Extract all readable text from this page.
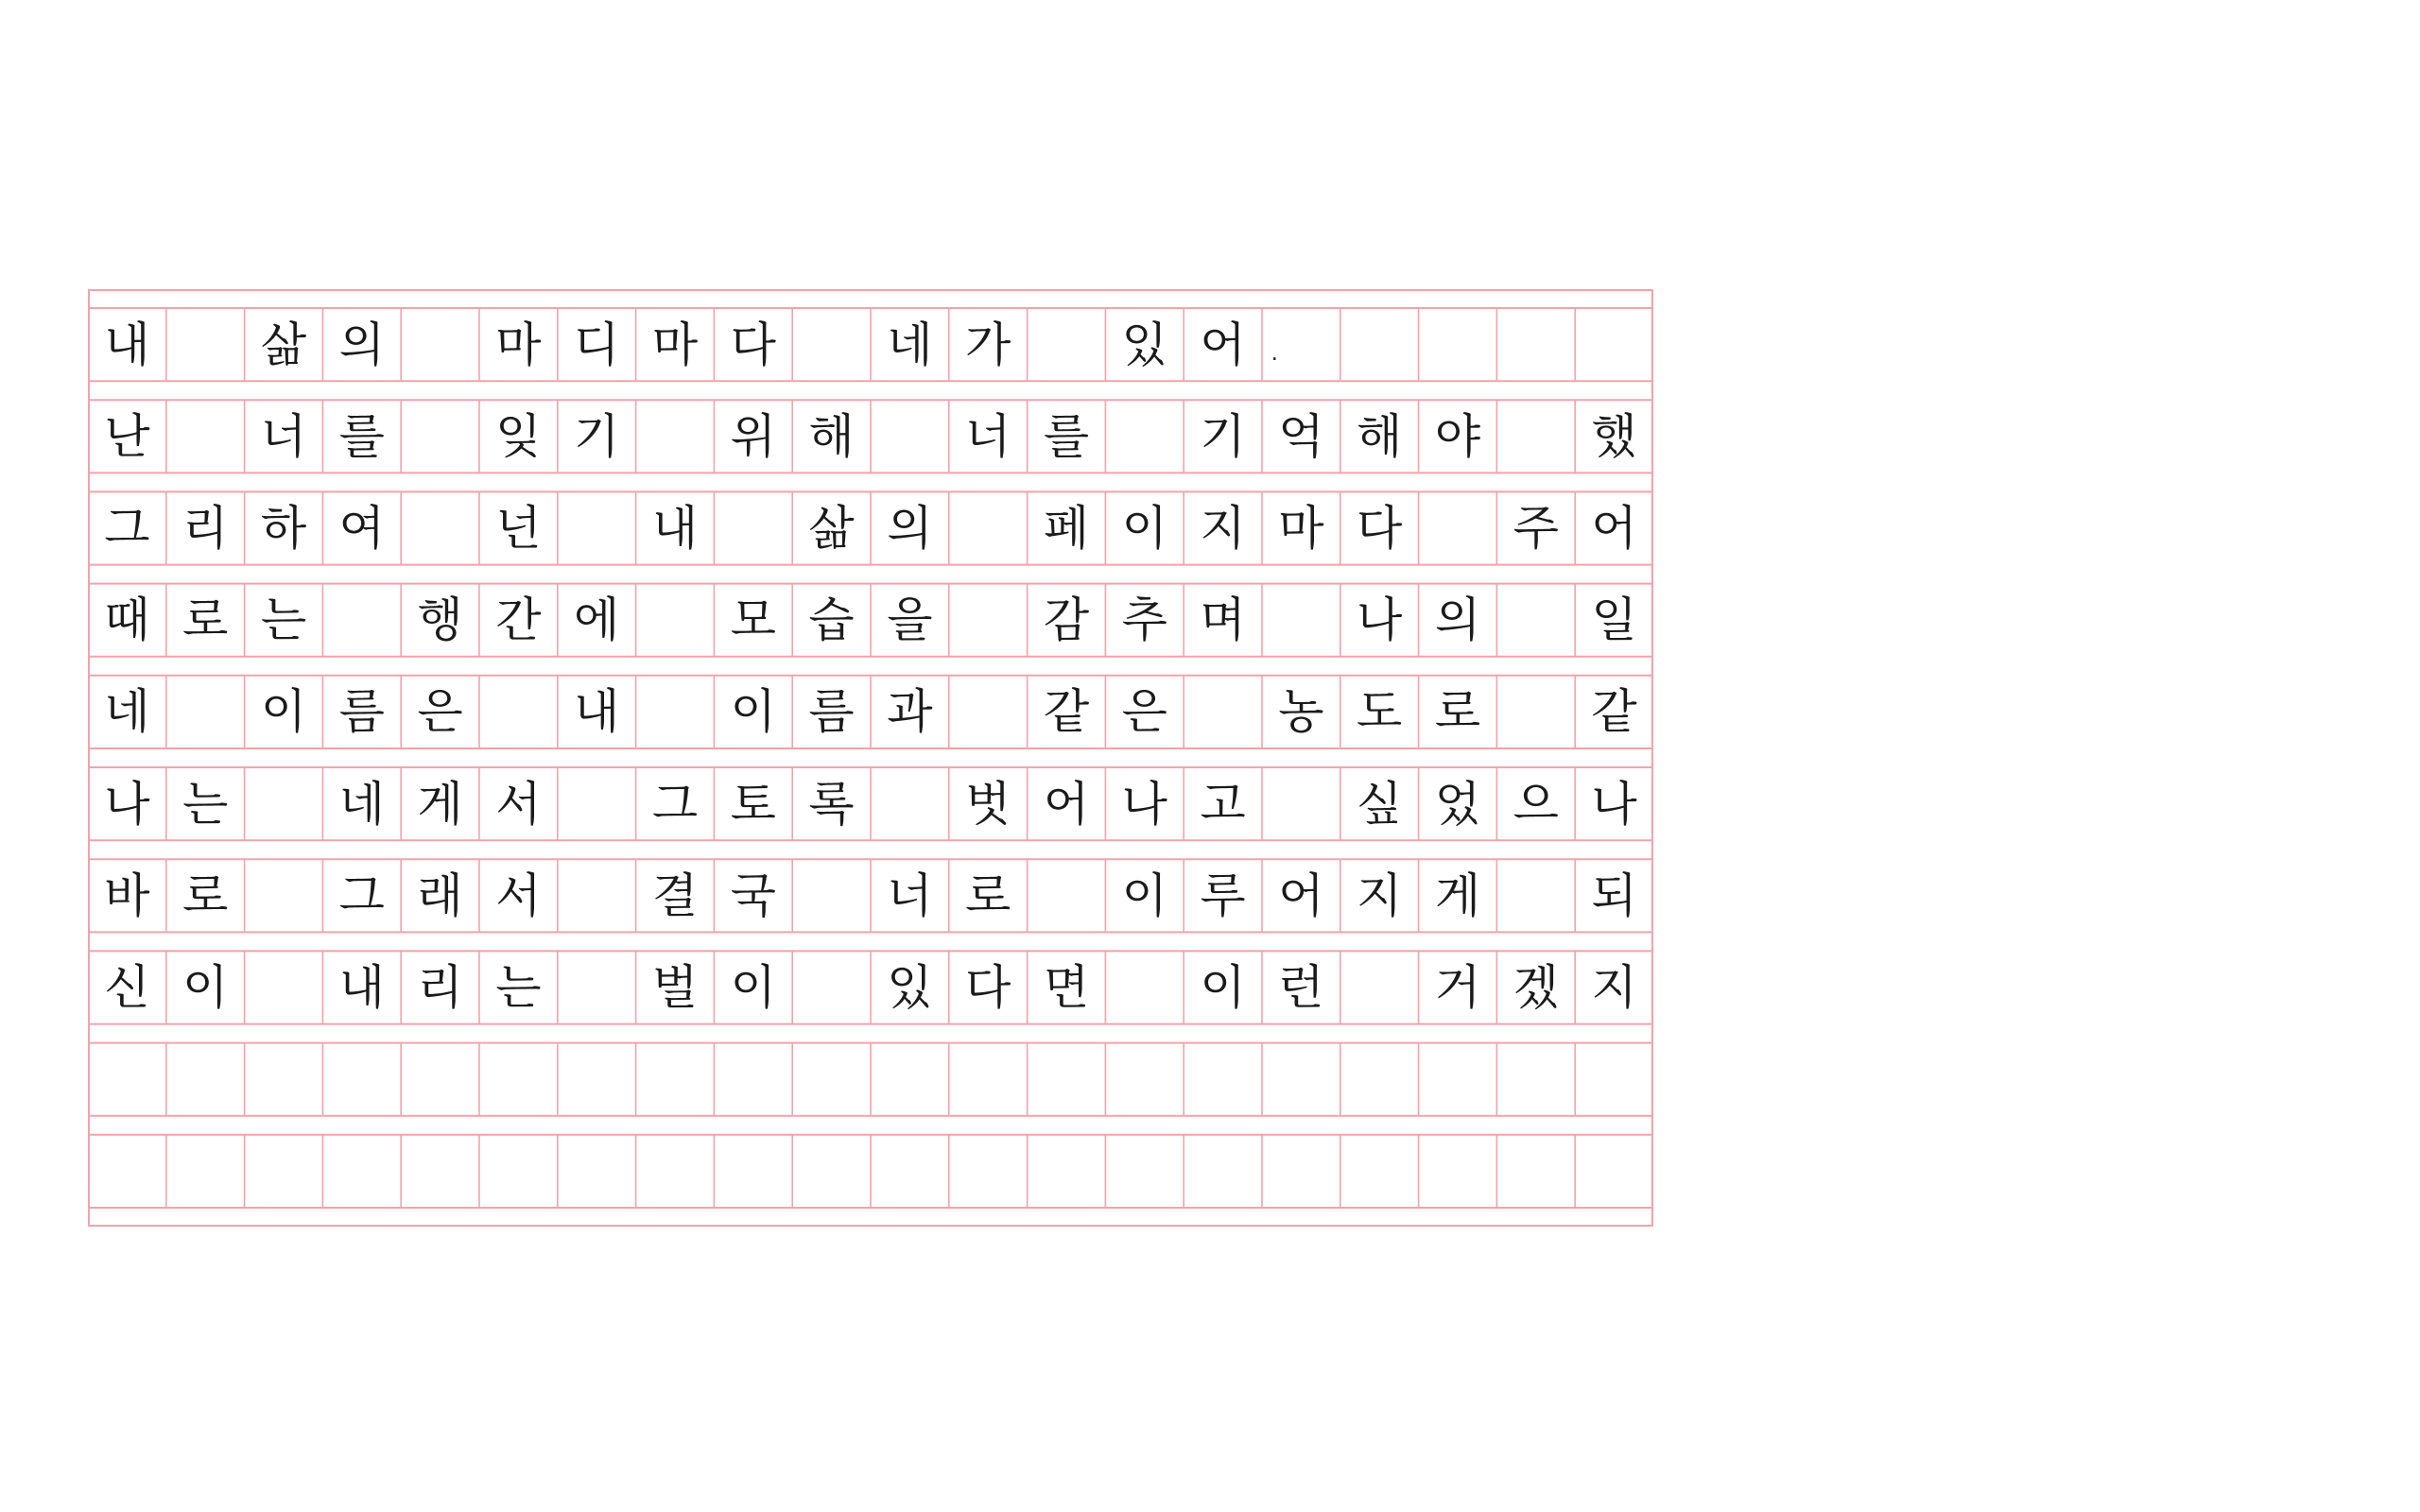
내	삶 의	마 디 마 다	네 가	있 어 .
난	너 를	잊 기	위 해	너 를	기 억 해 야	했
그 리 하 여	넌	내	삶 의	페 이 지 마 다	주 어
때 로 는	행 간 에	모 습 을	감 추 며	나 의	일
네	이 름 은	내	이 름 과	같 은	농 도 로	같
나 는	네 게 서	그 토 록	벗 어 나 고	싶 었 으 나
바 로	그 래 서	결 국	너 로	이 루 어 지 게	되
신 이	내 리 는	벌 이	있 다 면	이 런	거 겠 지
